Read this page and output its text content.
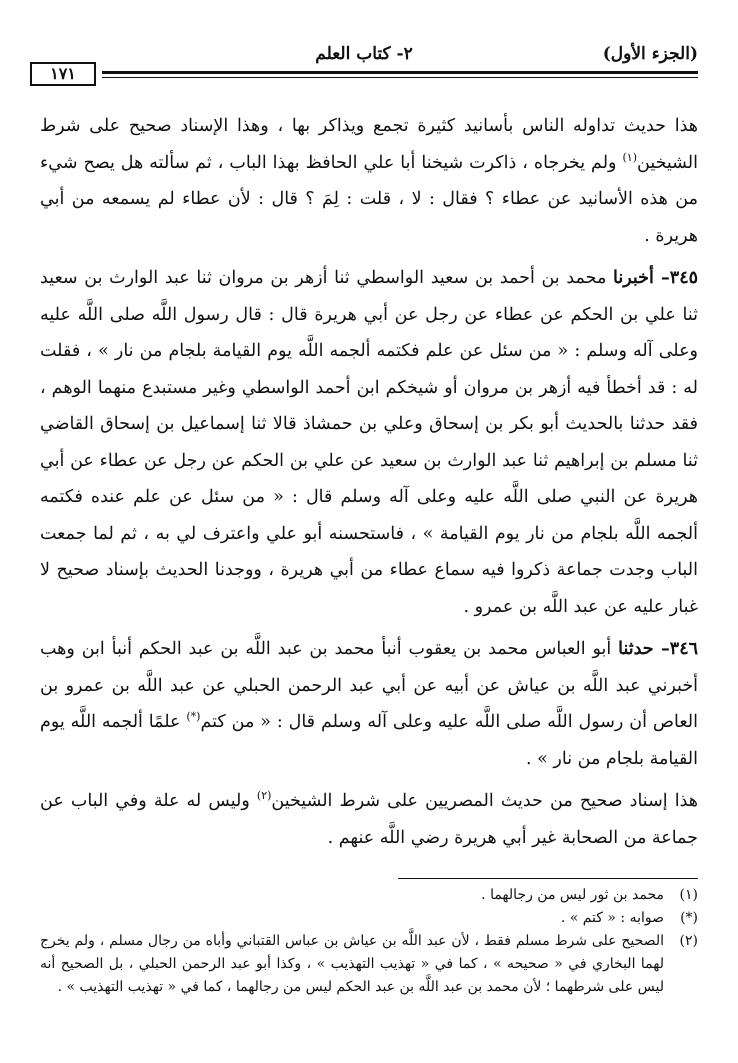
(الجزء الأول)
٢- كتاب العلم
١٧١

هذا حديث تداوله الناس بأسانيد كثيرة تجمع ويذاكر بها ، وهذا الإسناد صحيح على شرط الشيخين$^{(١)}$ ولم يخرجاه ، ذاكرت شيخنا أبا علي الحافظ بهذا الباب ، ثم سألته هل يصح شيء من هذه الأسانيد عن عطاء ؟ فقال : لا ، قلت : لِمَ ؟ قال : لأن عطاء لم يسمعه من أبي هريرة .

٣٤٥– أخبرنا محمد بن أحمد بن سعيد الواسطي ثنا أزهر بن مروان ثنا عبد الوارث بن سعيد ثنا علي بن الحكم عن عطاء عن رجل عن أبي هريرة قال : قال رسول اللَّه صلى اللَّه عليه وعلى آله وسلم : « من سئل عن علم فكتمه ألجمه اللَّه يوم القيامة بلجام من نار » ، فقلت له : قد أخطأ فيه أزهر بن مروان أو شيخكم ابن أحمد الواسطي وغير مستبدع منهما الوهم ، فقد حدثنا بالحديث أبو بكر بن إسحاق وعلي بن حمشاذ قالا ثنا إسماعيل بن إسحاق القاضي ثنا مسلم بن إبراهيم ثنا عبد الوارث بن سعيد عن علي بن الحكم عن رجل عن عطاء عن أبي هريرة عن النبي صلى اللَّه عليه وعلى آله وسلم قال : « من سئل عن علم عنده فكتمه ألجمه اللَّه بلجام من نار يوم القيامة » ، فاستحسنه أبو علي واعترف لي به ، ثم لما جمعت الباب وجدت جماعة ذكروا فيه سماع عطاء من أبي هريرة ، ووجدنا الحديث بإسناد صحيح لا غبار عليه عن عبد اللَّه بن عمرو .

٣٤٦– حدثنا أبو العباس محمد بن يعقوب أنبأ محمد بن عبد اللَّه بن عبد الحكم أنبأ ابن وهب أخبرني عبد اللَّه بن عياش عن أبيه عن أبي عبد الرحمن الحبلي عن عبد اللَّه بن عمرو بن العاص أن رسول اللَّه صلى اللَّه عليه وعلى آله وسلم قال : « من كتم(*) علمًا ألجمه اللَّه يوم القيامة بلجام من نار » .

هذا إسناد صحيح من حديث المصريين على شرط الشيخين$^{(٢)}$ وليس له علة وفي الباب عن جماعة من الصحابة غير أبي هريرة رضي اللَّه عنهم .

(١)
محمد بن ثور ليس من رجالهما .
(*)
صوابه : « كتم » .
(٢)
الصحيح على شرط مسلم فقط ، لأن عبد اللَّه بن عياش بن عباس القتباني وأباه من رجال مسلم ، ولم يخرج لهما البخاري في « صحيحه » ، كما في « تهذيب التهذيب » ، وكذا أبو عبد الرحمن الحبلي ، بل الصحيح أنه ليس على شرطهما ؛ لأن محمد بن عبد اللَّه بن عبد الحكم ليس من رجالهما ، كما في « تهذيب التهذيب » .
